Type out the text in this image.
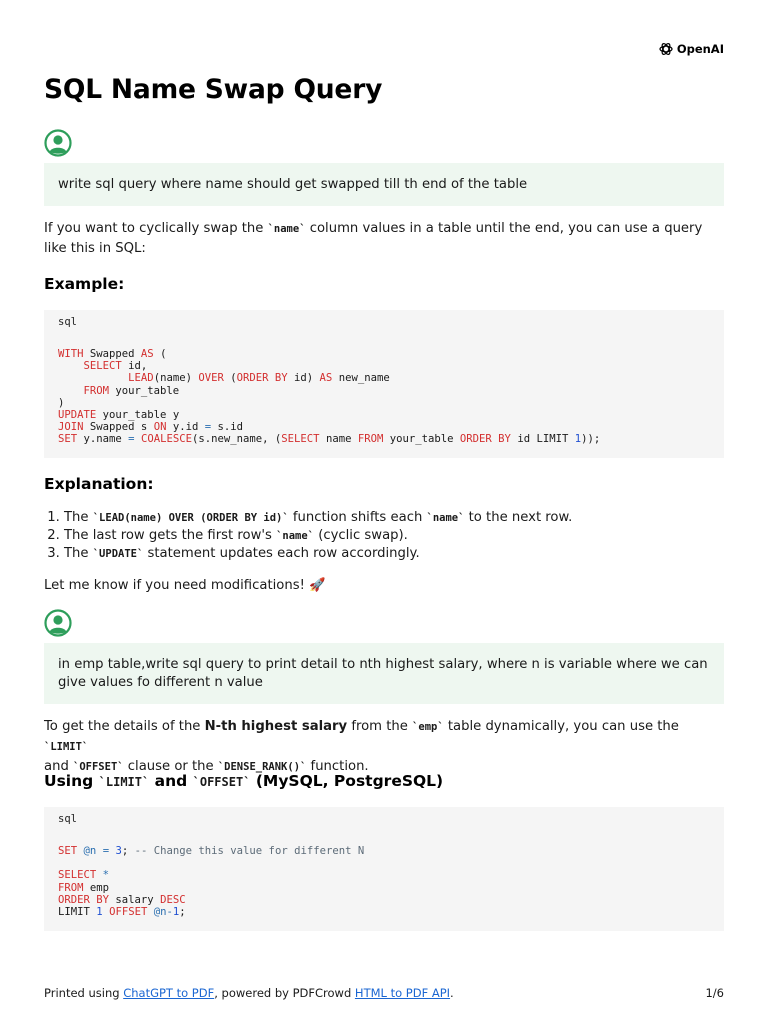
OpenAI
SQL Name Swap Query
write sql query where name should get swapped till th end of the table
If you want to cyclically swap the `name` column values in a table until the end, you can use a query like this in SQL:
Example:
sql
WITH Swapped AS (
SELECT id,
LEAD(name) OVER (ORDER BY id) AS new_name
FROM your_table
)
UPDATE your_table y
JOIN Swapped s ON y.id = s.id
SET y.name = COALESCE(s.new_name, (SELECT name FROM your_table ORDER BY id LIMIT 1));
Explanation:
1. The `LEAD(name) OVER (ORDER BY id)` function shifts each `name` to the next row.
2. The last row gets the first row's `name` (cyclic swap).
3. The `UPDATE` statement updates each row accordingly.
Let me know if you need modifications! 🚀
in emp table,write sql query to print detail to nth highest salary, where n is variable where we can give values fo different n value
To get the details of the N-th highest salary from the `emp` table dynamically, you can use the `LIMIT`
and `OFFSET` clause or the `DENSE_RANK()` function.
Using `LIMIT` and `OFFSET` (MySQL, PostgreSQL)
sql
SET @n = 3; -- Change this value for different N

SELECT *
FROM emp
ORDER BY salary DESC
LIMIT 1 OFFSET @n-1;
Printed using ChatGPT to PDF, powered by PDFCrowd HTML to PDF API.	1/6
